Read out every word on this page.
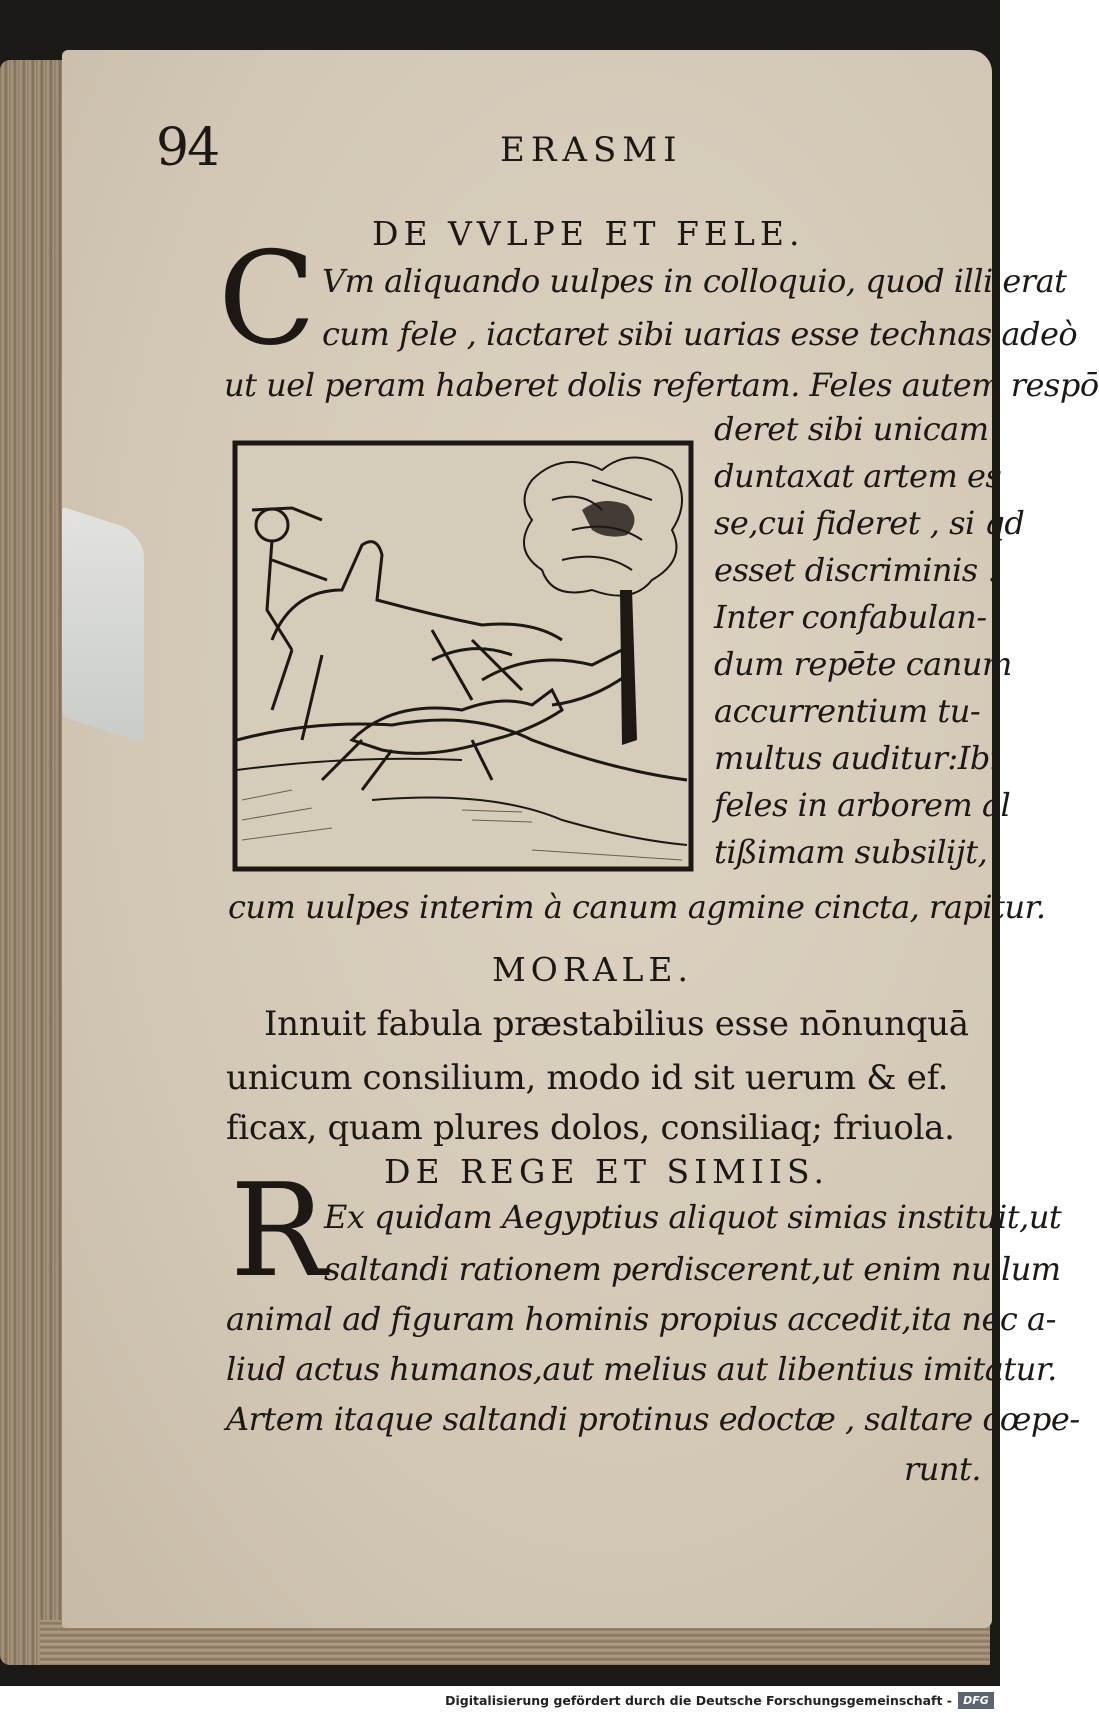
94	ERASMI
DE VVLPE ET FELE.
C Vm aliquando uulpes in colloquio, quod illi erat
cum fele , iactaret sibi uarias esse technas,adeò
ut uel peram haberet dolis refertam. Feles autem respō
deret sibi unicam
duntaxat artem es
se,cui fideret , si qd
esset discriminis .
Inter confabulan-
dum repēte canum
accurrentium tu-
multus auditur:Ibi
feles in arborem al
tißimam subsilijt,
cum uulpes interim à canum agmine cincta, rapitur.
MORALE.
Innuit fabula præstabilius esse nōnunquā
unicum consilium, modo id sit uerum & ef.
ficax, quam plures dolos, consiliaq; friuola.
DE REGE ET SIMIIS.
R
Ex quidam Aegyptius aliquot simias instituit,ut
saltandi rationem perdiscerent,ut enim nullum
animal ad figuram hominis propius accedit,ita nec a-
liud actus humanos,aut melius aut libentius imitatur.
Artem itaque saltandi protinus edoctæ , saltare cœpe-
runt.
Digitalisierung gefördert durch die Deutsche Forschungsgemeinschaft -	DFG
